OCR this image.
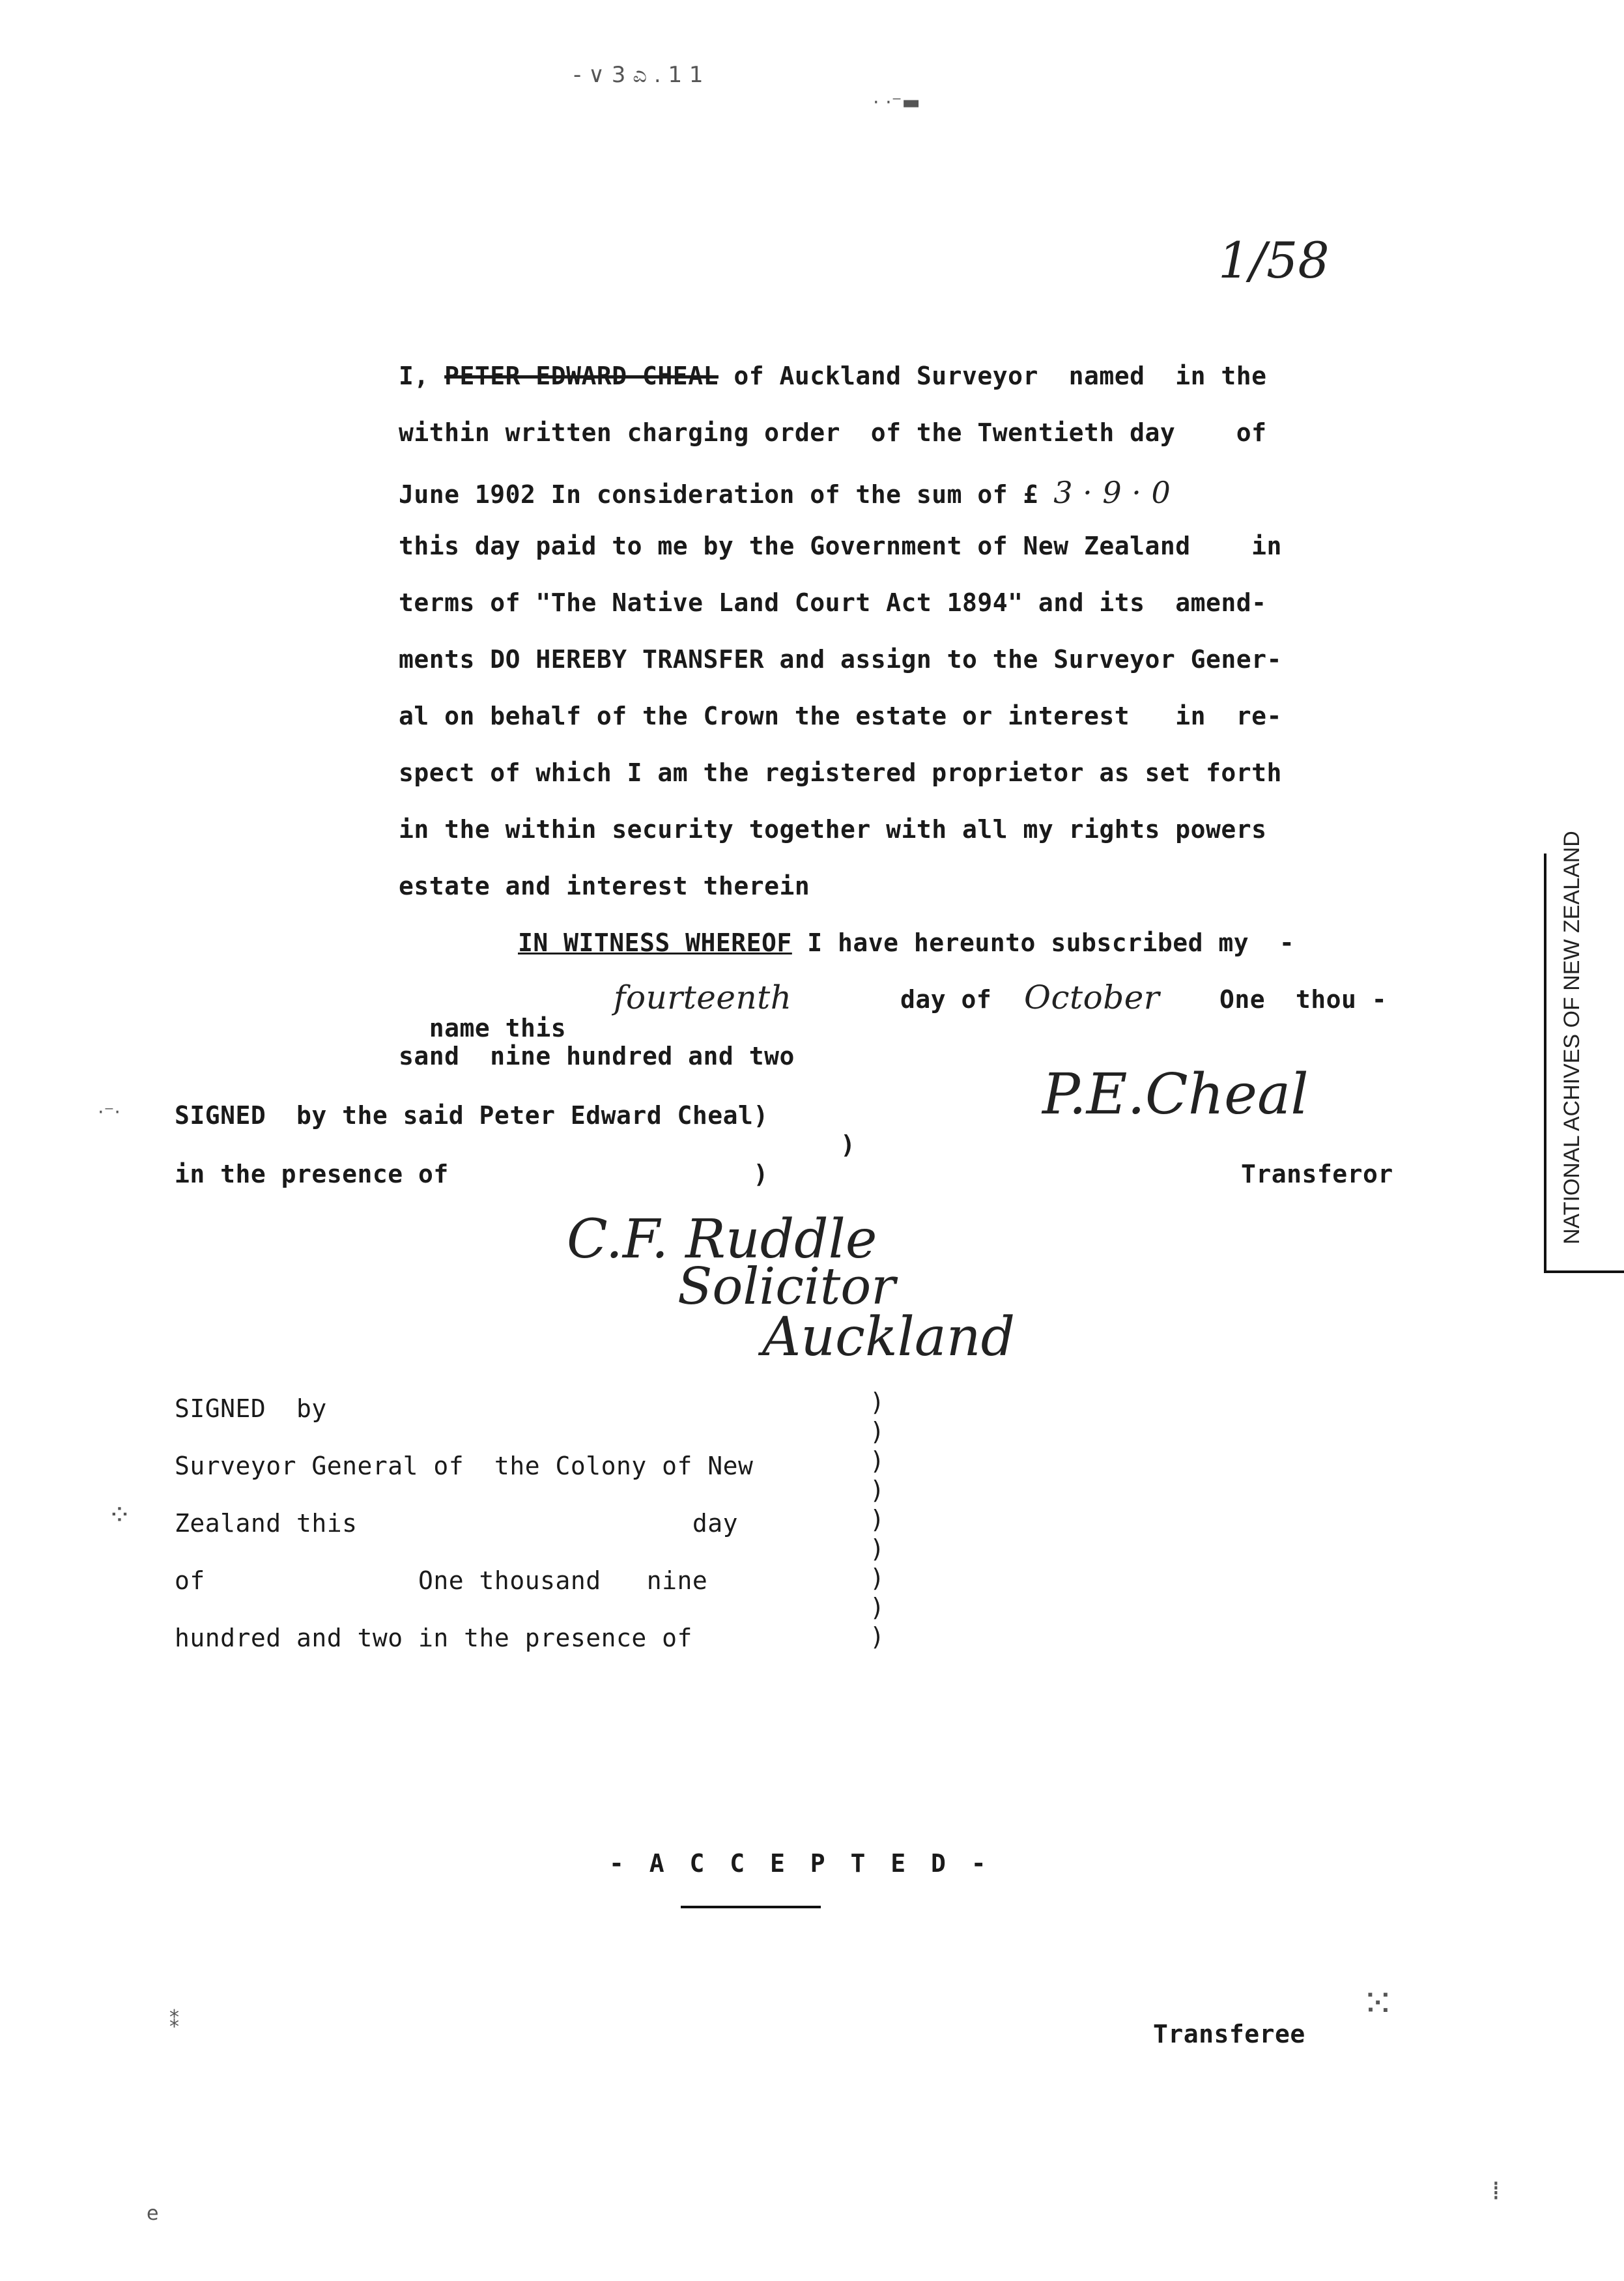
- ∨ 3 ಎ . 1 1
· ·⁻▬
1/58
I, PETER EDWARD CHEAL of Auckland Surveyor  named  in the
within written charging order  of the Twentieth day    of
June 1902 In consideration of the sum of £ 3 · 9 · 0
this day paid to me by the Government of New Zealand    in
terms of "The Native Land Court Act 1894" and its  amend-
ments DO HEREBY TRANSFER and assign to the Surveyor Gener-
al on behalf of the Crown the estate or interest   in  re-
spect of which I am the registered proprietor as set forth
in the within security together with all my rights powers
estate and interest therein
IN WITNESS WHEREOF I have hereunto subscribed my  -

name this

fourteenth

	day of

October

One  thou -

sand  nine hundred and two
SIGNED  by the said Peter Edward Cheal)
)
in the presence of                    )	Transferor
P.E.Cheal
C.F. Ruddle
Solicitor
Auckland
SIGNED  by
Surveyor General of  the Colony of New
Zealand this                      day
of              One thousand   nine
hundred and two in the presence of
)
)
)
)
)
)
)
)
)
- A C C E P T E D -
Transferee
NATIONAL ACHIVES OF NEW ZEALAND
·⁻·
⁘
⁙
⁑
e
⁞
